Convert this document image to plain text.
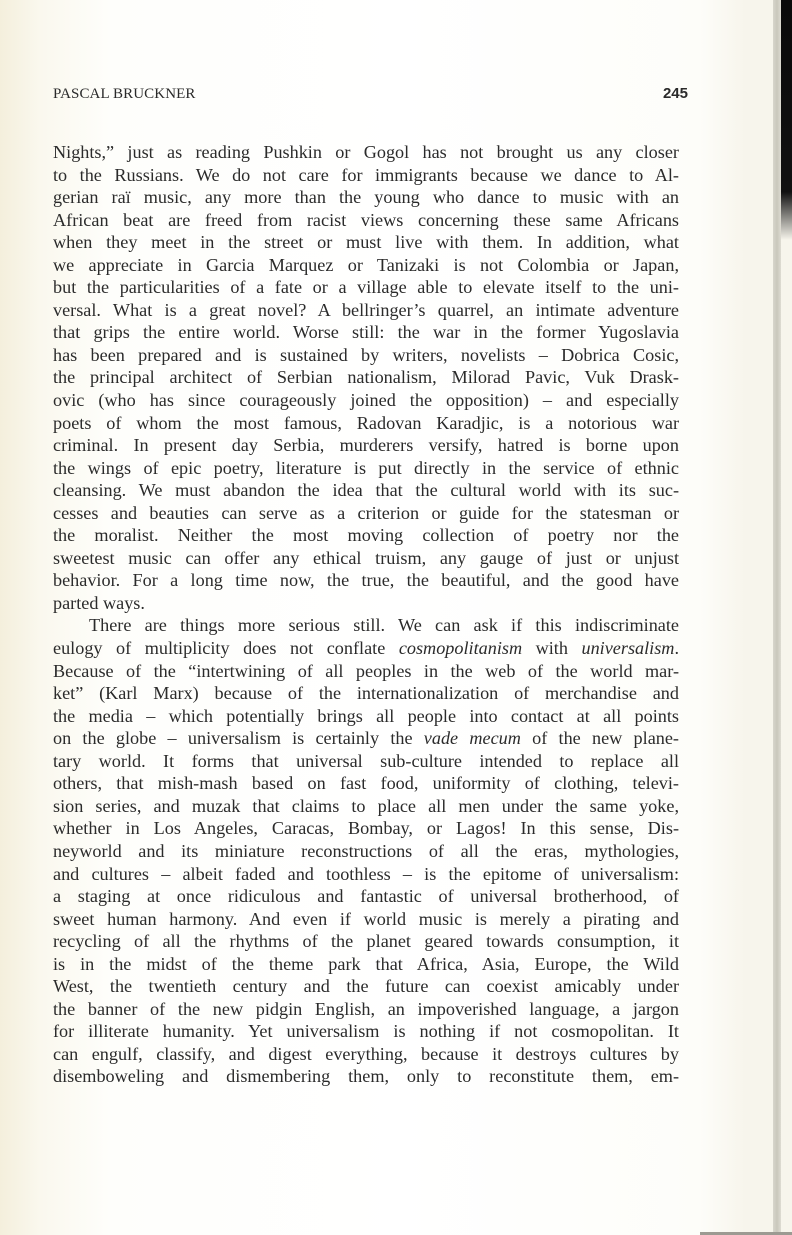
PASCAL BRUCKNER	245
Nights,” just as reading Pushkin or Gogol has not brought us any closer
to the Russians. We do not care for immigrants because we dance to Al-
gerian raï music, any more than the young who dance to music with an
African beat are freed from racist views concerning these same Africans
when they meet in the street or must live with them. In addition, what
we appreciate in Garcia Marquez or Tanizaki is not Colombia or Japan,
but the particularities of a fate or a village able to elevate itself to the uni-
versal. What is a great novel? A bellringer’s quarrel, an intimate adventure
that grips the entire world. Worse still: the war in the former Yugoslavia
has been prepared and is sustained by writers, novelists – Dobrica Cosic,
the principal architect of Serbian nationalism, Milorad Pavic, Vuk Drask-
ovic (who has since courageously joined the opposition) – and especially
poets of whom the most famous, Radovan Karadjic, is a notorious war
criminal. In present day Serbia, murderers versify, hatred is borne upon
the wings of epic poetry, literature is put directly in the service of ethnic
cleansing. We must abandon the idea that the cultural world with its suc-
cesses and beauties can serve as a criterion or guide for the statesman or
the moralist. Neither the most moving collection of poetry nor the
sweetest music can offer any ethical truism, any gauge of just or unjust
behavior. For a long time now, the true, the beautiful, and the good have
parted ways.
There are things more serious still. We can ask if this indiscriminate
eulogy of multiplicity does not conflate cosmopolitanism with universalism.
Because of the “intertwining of all peoples in the web of the world mar-
ket” (Karl Marx) because of the internationalization of merchandise and
the media – which potentially brings all people into contact at all points
on the globe – universalism is certainly the vade mecum of the new plane-
tary world. It forms that universal sub-culture intended to replace all
others, that mish-mash based on fast food, uniformity of clothing, televi-
sion series, and muzak that claims to place all men under the same yoke,
whether in Los Angeles, Caracas, Bombay, or Lagos! In this sense, Dis-
neyworld and its miniature reconstructions of all the eras, mythologies,
and cultures – albeit faded and toothless – is the epitome of universalism:
a staging at once ridiculous and fantastic of universal brotherhood, of
sweet human harmony. And even if world music is merely a pirating and
recycling of all the rhythms of the planet geared towards consumption, it
is in the midst of the theme park that Africa, Asia, Europe, the Wild
West, the twentieth century and the future can coexist amicably under
the banner of the new pidgin English, an impoverished language, a jargon
for illiterate humanity. Yet universalism is nothing if not cosmopolitan. It
can engulf, classify, and digest everything, because it destroys cultures by
disemboweling and dismembering them, only to reconstitute them, em-
